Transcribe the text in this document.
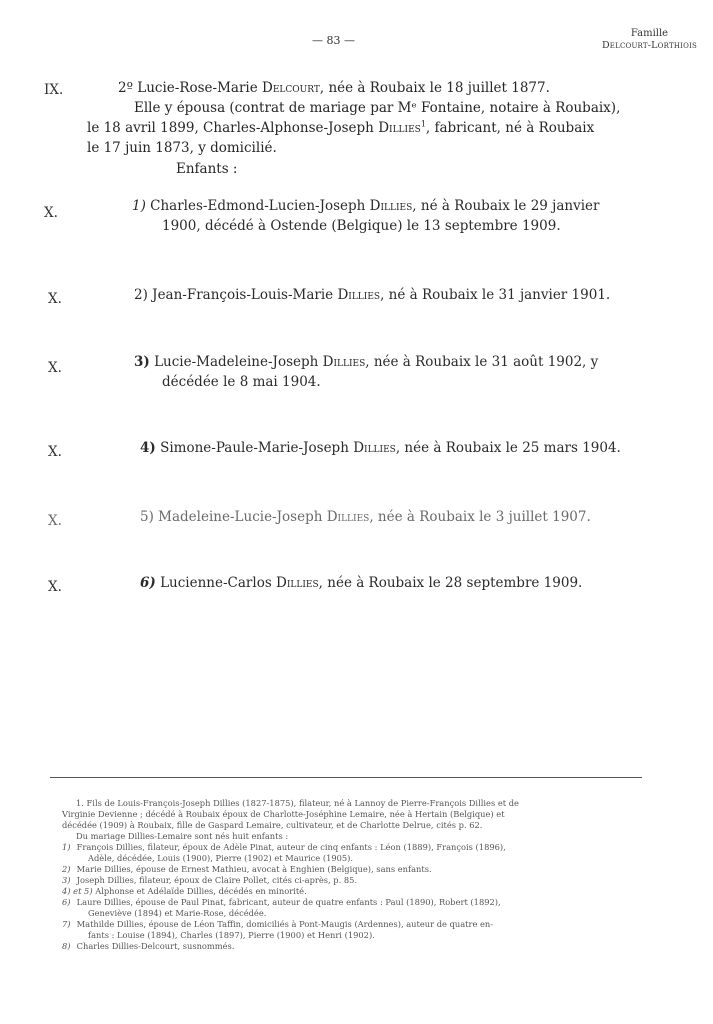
— 83 —
Famille
Delcourt-Lorthiois
IX.	2º Lucie-Rose-Marie Delcourt, née à Roubaix le 18 juillet 1877.
Elle y épousa (contrat de mariage par Mᵉ Fontaine, notaire à Roubaix),
le 18 avril 1899, Charles-Alphonse-Joseph Dillies$^1$, fabricant, né à Roubaix
le 17 juin 1873, y domicilié.
Enfants :
X.	1) Charles-Edmond-Lucien-Joseph Dillies, né à Roubaix le 29 janvier
1900, décédé à Ostende (Belgique) le 13 septembre 1909.
X.	2) Jean-François-Louis-Marie Dillies, né à Roubaix le 31 janvier 1901.
X.	3) Lucie-Madeleine-Joseph Dillies, née à Roubaix le 31 août 1902, y
décédée le 8 mai 1904.
X.	4) Simone-Paule-Marie-Joseph Dillies, née à Roubaix le 25 mars 1904.
X.	5) Madeleine-Lucie-Joseph Dillies, née à Roubaix le 3 juillet 1907.
X.	6) Lucienne-Carlos Dillies, née à Roubaix le 28 septembre 1909.
1. Fils de Louis-François-Joseph Dillies (1827-1875), filateur, né à Lannoy de Pierre-François Dillies et de
Virginie Devienne ; décédé à Roubaix époux de Charlotte-Joséphine Lemaire, née à Hertain (Belgique) et
décédée (1909) à Roubaix, fille de Gaspard Lemaire, cultivateur, et de Charlotte Delrue, cités p. 62.
Du mariage Dillies-Lemaire sont nés huit enfants :
1) François Dillies, filateur, époux de Adèle Pinat, auteur de cinq enfants : Léon (1889), François (1896),
Adèle, décédée, Louis (1900), Pierre (1902) et Maurice (1905).
2) Marie Dillies, épouse de Ernest Mathieu, avocat à Enghien (Belgique), sans enfants.
3) Joseph Dillies, filateur, époux de Claire Pollet, cités ci-après, p. 85.
4) et 5) Alphonse et Adélaïde Dillies, décédés en minorité.
6) Laure Dillies, épouse de Paul Pinat, fabricant, auteur de quatre enfants : Paul (1890), Robert (1892),
Geneviève (1894) et Marie-Rose, décédée.
7) Mathilde Dillies, épouse de Léon Taffin, domiciliés à Pont-Maugis (Ardennes), auteur de quatre en-
fants : Louise (1894), Charles (1897), Pierre (1900) et Henri (1902).
8) Charles Dillies-Delcourt, susnommés.
